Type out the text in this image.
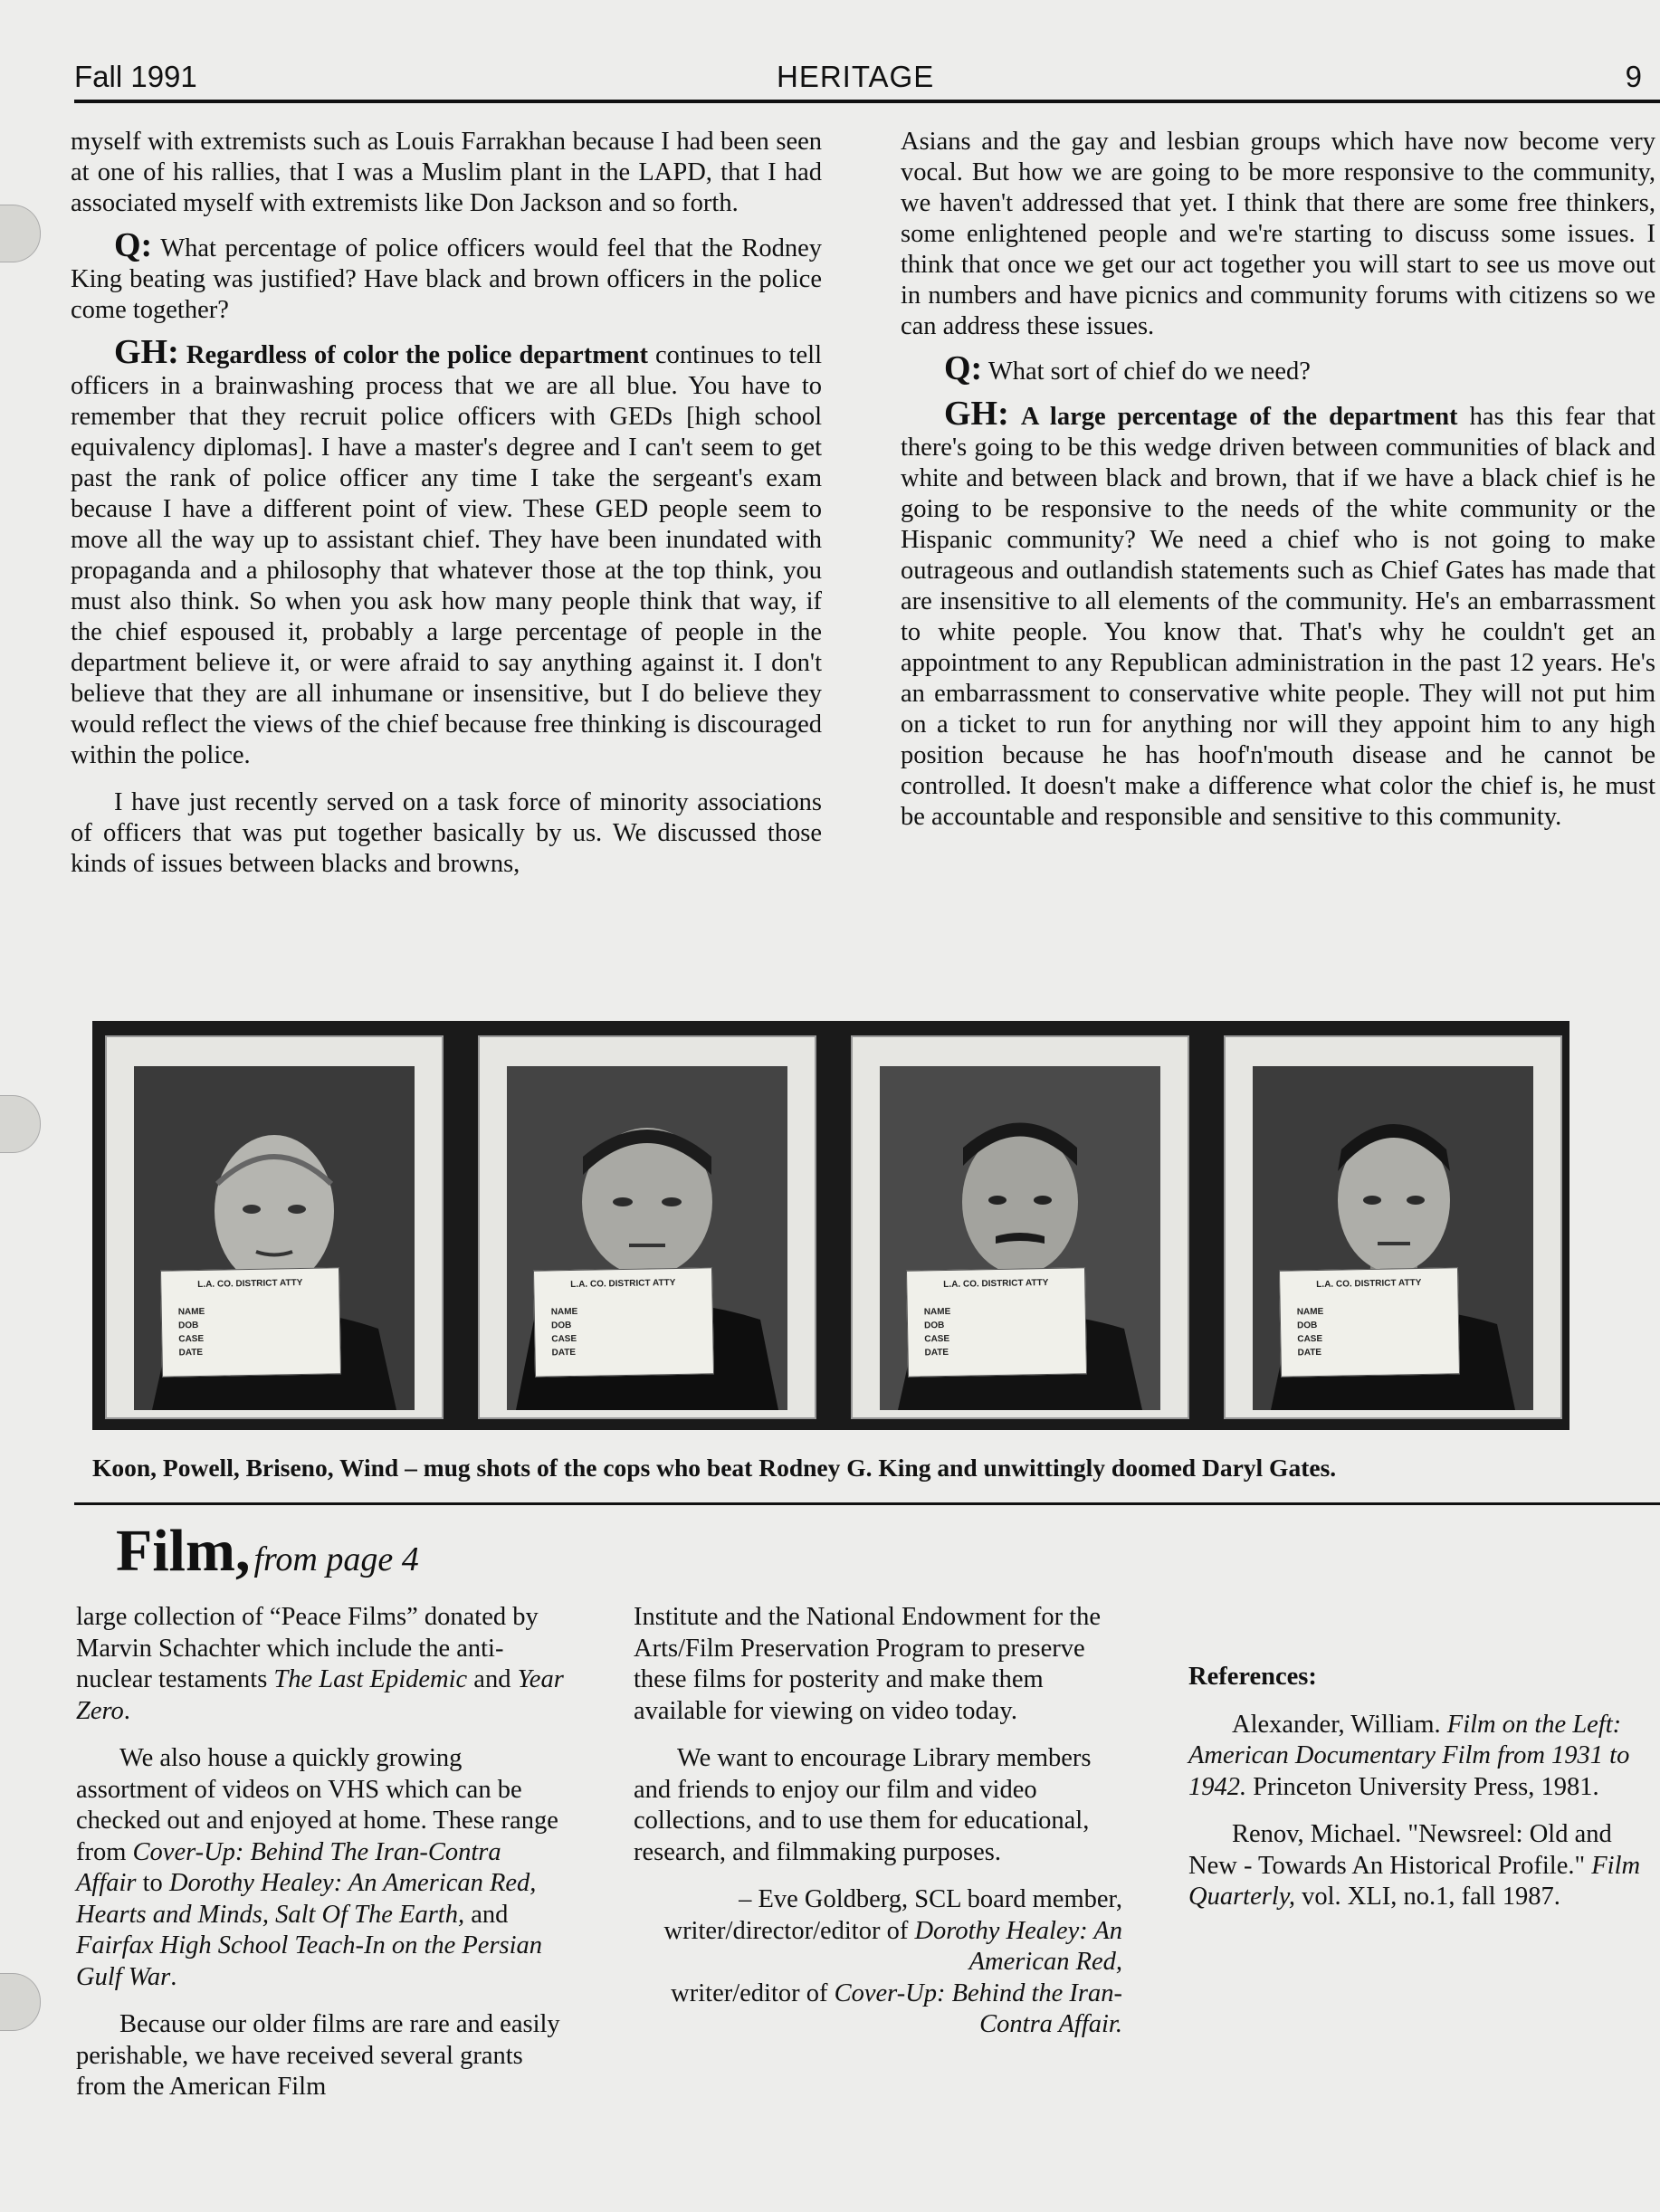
Fall 1991	HERITAGE	9

myself with extremists such as Louis Farrakhan because I had been seen at one of his rallies, that I was a Muslim plant in the LAPD, that I had associated myself with extremists like Don Jackson and so forth.

Q: What percentage of police officers would feel that the Rodney King beating was justified? Have black and brown officers in the police come together?

GH: Regardless of color the police department continues to tell officers in a brainwashing process that we are all blue. You have to remember that they recruit police officers with GEDs [high school equivalency diplomas]. I have a master's degree and I can't seem to get past the rank of police officer any time I take the sergeant's exam because I have a different point of view. These GED people seem to move all the way up to assistant chief. They have been inundated with propaganda and a philosophy that whatever those at the top think, you must also think. So when you ask how many people think that way, if the chief espoused it, probably a large percentage of people in the department believe it, or were afraid to say anything against it. I don't believe that they are all inhumane or insensitive, but I do believe they would reflect the views of the chief because free thinking is discouraged within the police.

I have just recently served on a task force of minority associations of officers that was put together basically by us. We discussed those kinds of issues between blacks and browns,

Asians and the gay and lesbian groups which have now become very vocal. But how we are going to be more responsive to the community, we haven't addressed that yet. I think that there are some free thinkers, some enlightened people and we're starting to discuss some issues. I think that once we get our act together you will start to see us move out in numbers and have picnics and community forums with citizens so we can address these issues.

Q: What sort of chief do we need?

GH: A large percentage of the department has this fear that there's going to be this wedge driven between communities of black and white and between black and brown, that if we have a black chief is he going to be responsive to the needs of the white community or the Hispanic community? We need a chief who is not going to make outrageous and outlandish statements such as Chief Gates has made that are insensitive to all elements of the community. He's an embarrassment to white people. You know that. That's why he couldn't get an appointment to any Republican administration in the past 12 years. He's an embarrassment to conservative white people. They will not put him on a ticket to run for anything nor will they appoint him to any high position because he has hoof'n'mouth disease and he cannot be controlled. It doesn't make a difference what color the chief is, he must be accountable and responsible and sensitive to this community.

L.A. CO. DISTRICT ATTY
NAME
DOB
CASE
DATE
L.A. CO. DISTRICT ATTY
NAME
DOB
CASE
DATE
L.A. CO. DISTRICT ATTY
NAME
DOB
CASE
DATE
L.A. CO. DISTRICT ATTY
NAME
DOB
CASE
DATE
Koon, Powell, Briseno, Wind – mug shots of the cops who beat Rodney G. King and unwittingly doomed Daryl Gates.
Film, from page 4

large collection of “Peace Films” donated by Marvin Schachter which include the anti-nuclear testaments The Last Epidemic and Year Zero.

We also house a quickly growing assortment of videos on VHS which can be checked out and enjoyed at home. These range from Cover-Up: Behind The Iran-Contra Affair to Dorothy Healey: An American Red, Hearts and Minds, Salt Of The Earth, and Fairfax High School Teach-In on the Persian Gulf War.

Because our older films are rare and easily perishable, we have received several grants from the American Film

Institute and the National Endowment for the Arts/Film Preservation Program to preserve these films for posterity and make them available for viewing on video today.

We want to encourage Library members and friends to enjoy our film and video collections, and to use them for educational, research, and filmmaking purposes.

– Eve Goldberg, SCL board member,
writer/director/editor of Dorothy Healey: An American Red,
writer/editor of Cover-Up: Behind the Iran-Contra Affair.

References:

Alexander, William. Film on the Left: American Documentary Film from 1931 to 1942. Princeton University Press, 1981.

Renov, Michael. "Newsreel: Old and New - Towards An Historical Profile." Film Quarterly, vol. XLI, no.1, fall 1987.
